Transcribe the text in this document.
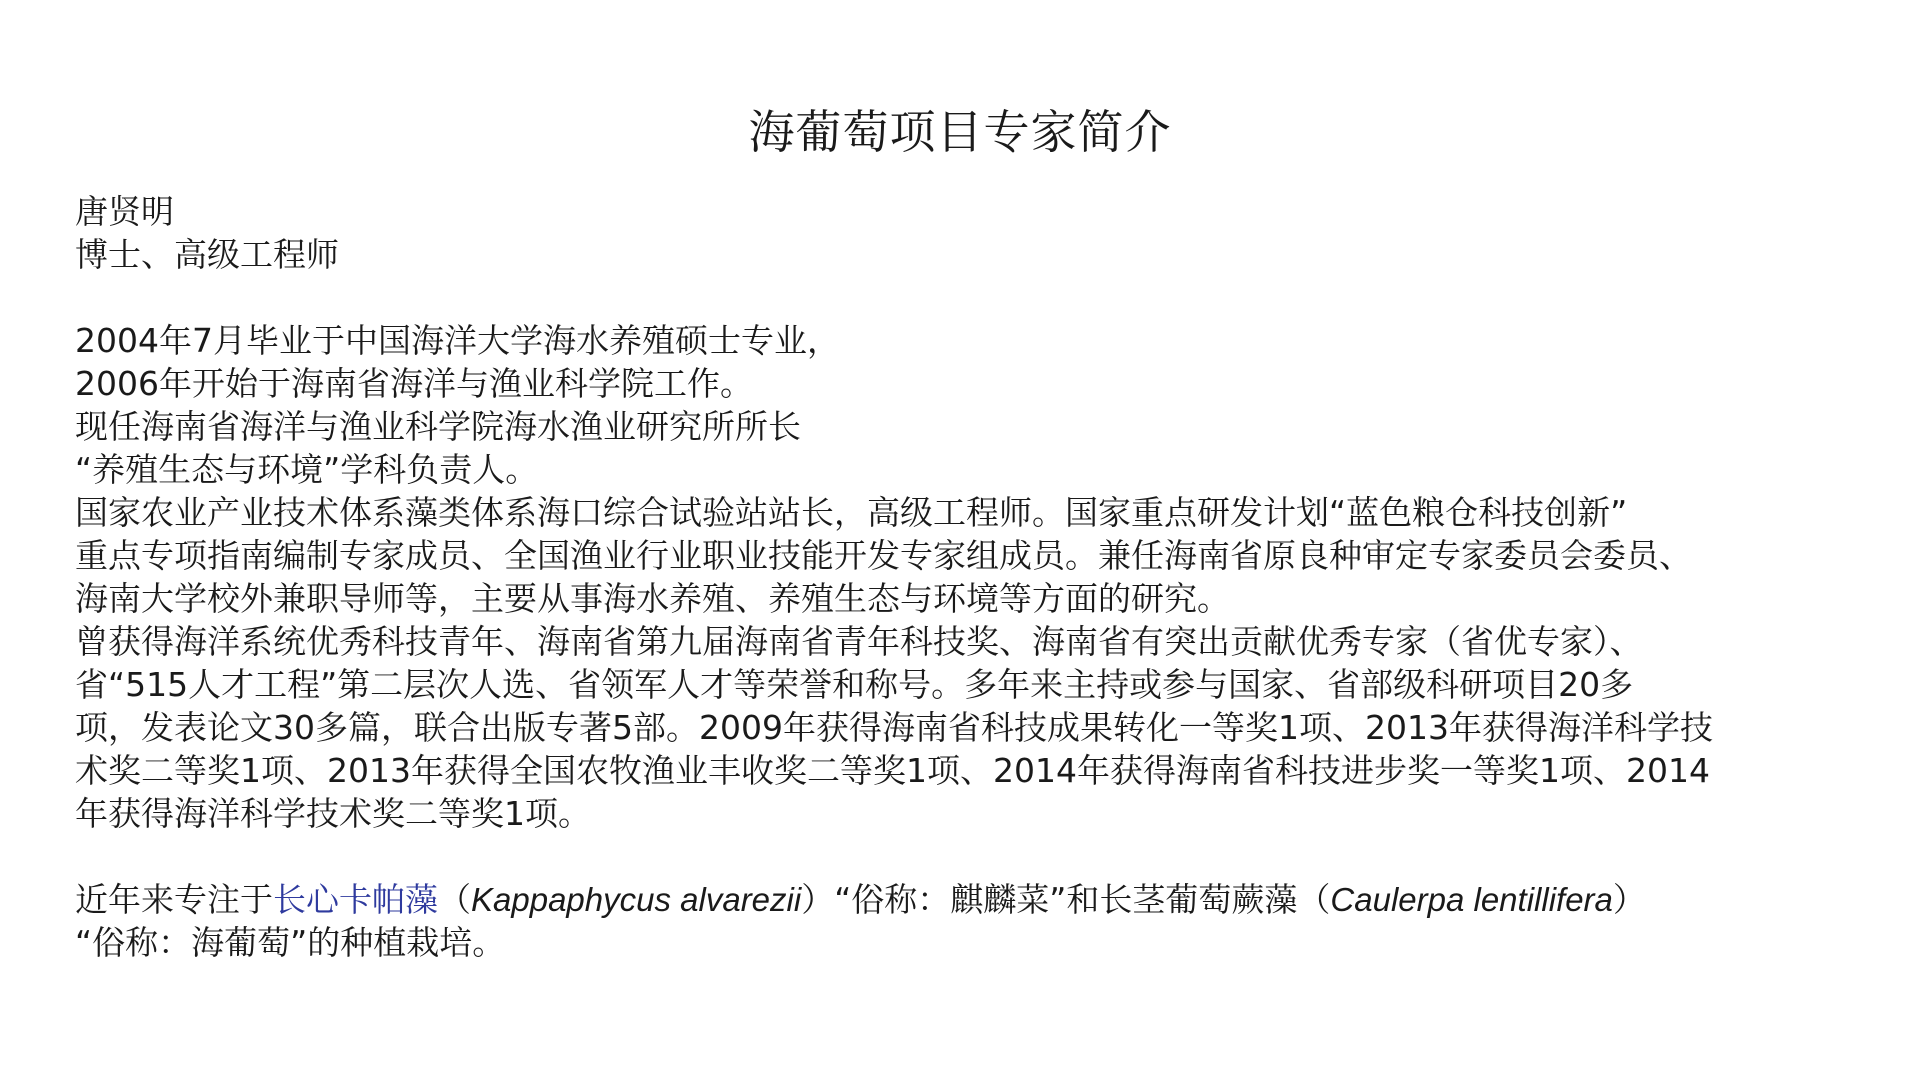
海葡萄项目专家简介
唐贤明
博士、高级工程师
2004年7月毕业于中国海洋大学海水养殖硕士专业，
2006年开始于海南省海洋与渔业科学院工作。
现任海南省海洋与渔业科学院海水渔业研究所所长
“养殖生态与环境”学科负责人。
国家农业产业技术体系藻类体系海口综合试验站站长，高级工程师。国家重点研发计划“蓝色粮仓科技创新”
重点专项指南编制专家成员、全国渔业行业职业技能开发专家组成员。兼任海南省原良种审定专家委员会委员、
海南大学校外兼职导师等，主要从事海水养殖、养殖生态与环境等方面的研究。
曾获得海洋系统优秀科技青年、海南省第九届海南省青年科技奖、海南省有突出贡献优秀专家（省优专家）、
省“515人才工程”第二层次人选、省领军人才等荣誉和称号。多年来主持或参与国家、省部级科研项目20多
项，发表论文30多篇，联合出版专著5部。2009年获得海南省科技成果转化一等奖1项、2013年获得海洋科学技
术奖二等奖1项、2013年获得全国农牧渔业丰收奖二等奖1项、2014年获得海南省科技进步奖一等奖1项、2014
年获得海洋科学技术奖二等奖1项。
近年来专注于长心卡帕藻（Kappaphycus alvarezii）“俗称：麒麟菜”和长茎葡萄蕨藻（Caulerpa lentillifera）
“俗称：海葡萄”的种植栽培。
